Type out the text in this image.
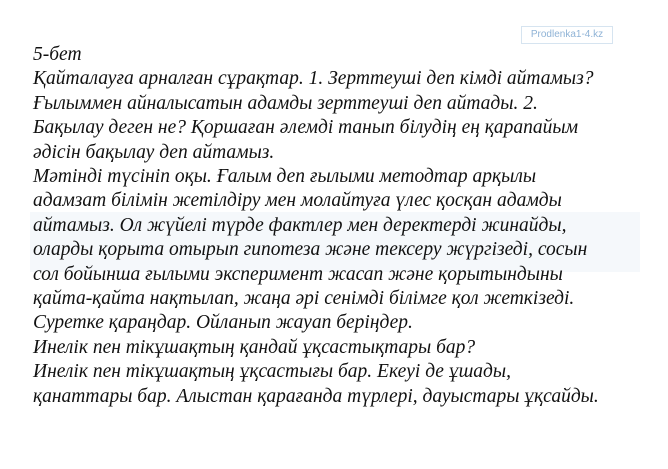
Prodlenka1-4.kz
5-бет
Қайталауға арналған сұрақтар. 1. Зерттеуші деп кімді айтамыз?
Ғылыммен айналысатын адамды зерттеуші деп айтады. 2.
Бақылау деген не? Қоршаған әлемді танып білудің ең қарапайым
әдісін бақылау деп айтамыз.
Мәтінді түсініп оқы. Ғалым деп ғылыми методтар арқылы
адамзат білімін жетілдіру мен молайтуға үлес қосқан адамды
айтамыз. Ол жүйелі түрде фактлер мен деректерді жинайды,
оларды қорыта отырып гипотеза және тексеру жүргізеді, сосын
сол бойынша ғылыми эксперимент жасап және қорытындыны
қайта-қайта нақтылап, жаңа әрі сенімді білімге қол жеткізеді.
Суретке қараңдар. Ойланып жауап беріңдер.
Инелік пен тікұшақтың қандай ұқсастықтары бар?
Инелік пен тікұшақтың ұқсастығы бар. Екеуі де ұшады,
қанаттары бар. Алыстан қарағанда түрлері, дауыстары ұқсайды.
